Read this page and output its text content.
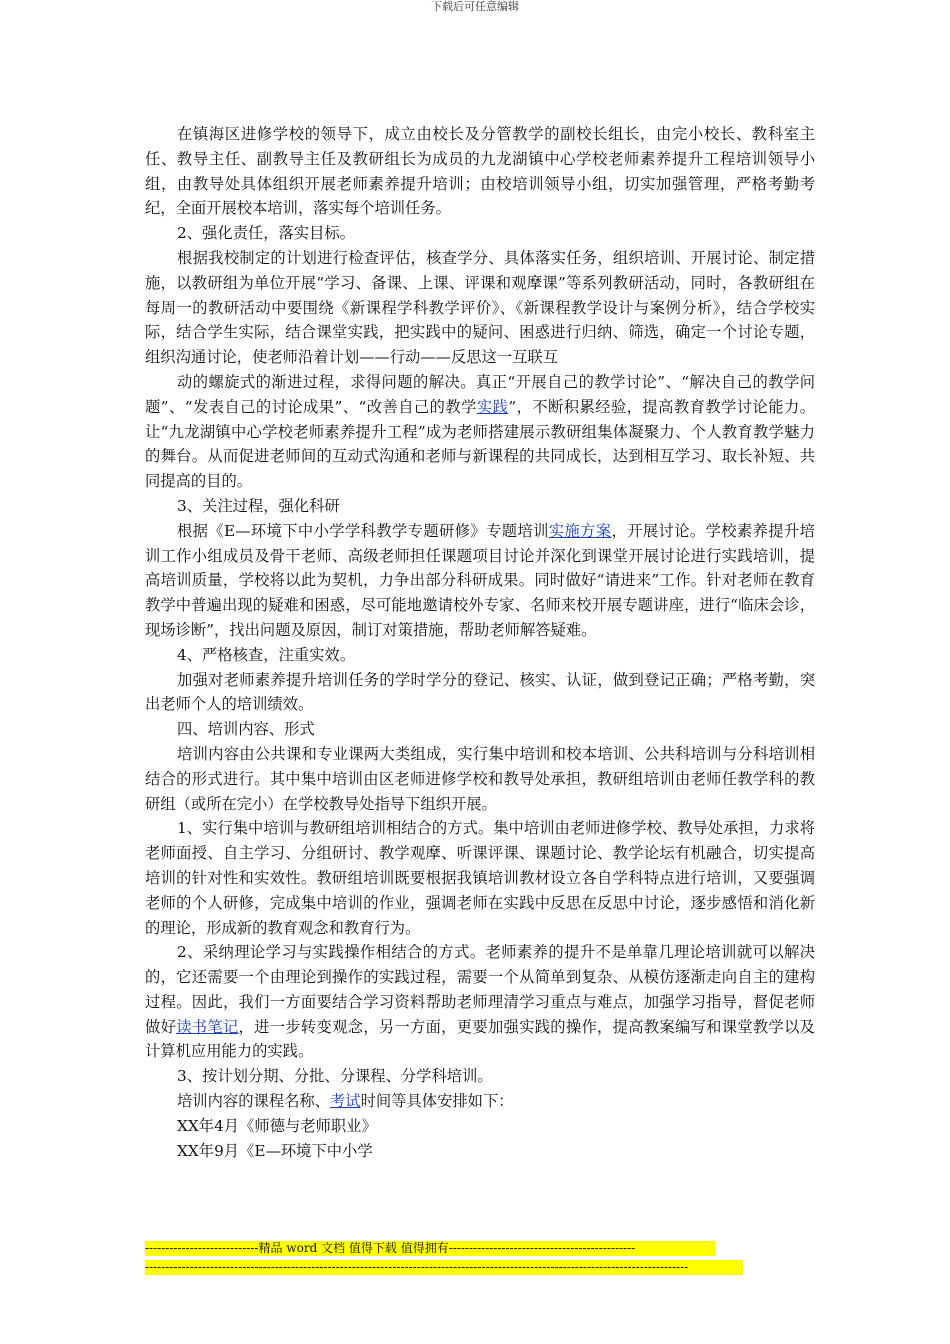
下载后可任意编辑

在镇海区进修学校的领导下，成立由校长及分管教学的副校长组长，由完小校长、教科室主任、教导主任、副教导主任及教研组长为成员的九龙湖镇中心学校老师素养提升工程培训领导小组，由教导处具体组织开展老师素养提升培训；由校培训领导小组，切实加强管理，严格考勤考纪，全面开展校本培训，落实每个培训任务。

2、强化责任，落实目标。

根据我校制定的计划进行检查评估，核查学分、具体落实任务，组织培训、开展讨论、制定措施，以教研组为单位开展“学习、备课、上课、评课和观摩课”等系列教研活动，同时，各教研组在每周一的教研活动中要围绕《新课程学科教学评价》、《新课程教学设计与案例分析》，结合学校实际，结合学生实际，结合课堂实践，把实践中的疑问、困惑进行归纳、筛选，确定一个讨论专题，组织沟通讨论，使老师沿着计划——行动——反思这一互联互

动的螺旋式的渐进过程，求得问题的解决。真正“开展自己的教学讨论”、“解决自己的教学问题”、“发表自己的讨论成果”、“改善自己的教学实践”，不断积累经验，提高教育教学讨论能力。让“九龙湖镇中心学校老师素养提升工程”成为老师搭建展示教研组集体凝聚力、个人教育教学魅力的舞台。从而促进老师间的互动式沟通和老师与新课程的共同成长，达到相互学习、取长补短、共同提高的目的。

3、关注过程，强化科研

根据《E—环境下中小学学科教学专题研修》专题培训实施方案，开展讨论。学校素养提升培训工作小组成员及骨干老师、高级老师担任课题项目讨论并深化到课堂开展讨论进行实践培训，提高培训质量，学校将以此为契机，力争出部分科研成果。同时做好“请进来”工作。针对老师在教育教学中普遍出现的疑难和困惑，尽可能地邀请校外专家、名师来校开展专题讲座，进行“临床会诊，现场诊断”，找出问题及原因，制订对策措施，帮助老师解答疑难。

4、严格核查，注重实效。

加强对老师素养提升培训任务的学时学分的登记、核实、认证，做到登记正确；严格考勤，突出老师个人的培训绩效。

四、培训内容、形式

培训内容由公共课和专业课两大类组成，实行集中培训和校本培训、公共科培训与分科培训相结合的形式进行。其中集中培训由区老师进修学校和教导处承担，教研组培训由老师任教学科的教研组（或所在完小）在学校教导处指导下组织开展。

1、实行集中培训与教研组培训相结合的方式。集中培训由老师进修学校、教导处承担，力求将老师面授、自主学习、分组研讨、教学观摩、听课评课、课题讨论、教学论坛有机融合，切实提高培训的针对性和实效性。教研组培训既要根据我镇培训教材设立各自学科特点进行培训，又要强调老师的个人研修，完成集中培训的作业，强调老师在实践中反思在反思中讨论，逐步感悟和消化新的理论，形成新的教育观念和教育行为。

2、采纳理论学习与实践操作相结合的方式。老师素养的提升不是单靠几理论培训就可以解决的，它还需要一个由理论到操作的实践过程，需要一个从简单到复杂、从模仿逐渐走向自主的建构过程。因此，我们一方面要结合学习资料帮助老师理清学习重点与难点，加强学习指导，督促老师做好读书笔记，进一步转变观念，另一方面，更要加强实践的操作，提高教案编写和课堂教学以及计算机应用能力的实践。

3、按计划分期、分批、分课程、分学科培训。

培训内容的课程名称、考试时间等具体安排如下：

XX年4月《师德与老师职业》

XX年9月《E—环境下中小学

----------------------------精品 word 文档 值得下载 值得拥有----------------------------------------------
--------------------------------------------------------------------------------------------------------------------------------------
